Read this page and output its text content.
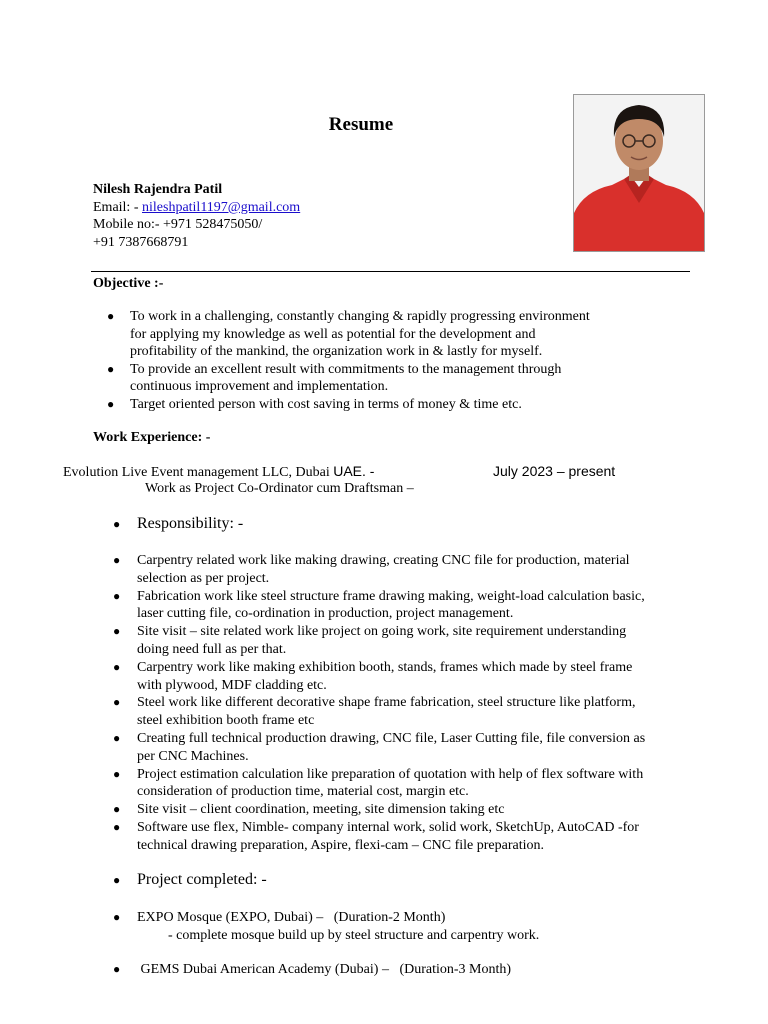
Resume
Nilesh Rajendra Patil
Email: - nileshpatil1197@gmail.com
Mobile no:- +971 528475050/
+91 7387668791
Objective :-
● To work in a challenging, constantly changing & rapidly progressing environment
for applying my knowledge as well as potential for the development and
profitability of the mankind, the organization work in & lastly for myself.
● To provide an excellent result with commitments to the management through
continuous improvement and implementation.
● Target oriented person with cost saving in terms of money & time etc.
Work Experience: -
Evolution Live Event management LLC, Dubai UAE. -	July 2023 – present
Work as Project Co-Ordinator cum Draftsman –
● Responsibility: -
● Carpentry related work like making drawing, creating CNC file for production, material
selection as per project.
● Fabrication work like steel structure frame drawing making, weight-load calculation basic,
laser cutting file, co-ordination in production, project management.
● Site visit – site related work like project on going work, site requirement understanding
doing need full as per that.
● Carpentry work like making exhibition booth, stands, frames which made by steel frame
with plywood, MDF cladding etc.
● Steel work like different decorative shape frame fabrication, steel structure like platform,
steel exhibition booth frame etc
● Creating full technical production drawing, CNC file, Laser Cutting file, file conversion as
per CNC Machines.
● Project estimation calculation like preparation of quotation with help of flex software with
consideration of production time, material cost, margin etc.
● Site visit – client coordination, meeting, site dimension taking etc
● Software use flex, Nimble- company internal work, solid work, SketchUp, AutoCAD -for
technical drawing preparation, Aspire, flexi-cam – CNC file preparation.
● Project completed: -
● EXPO Mosque (EXPO, Dubai) –   (Duration-2 Month)
- complete mosque build up by steel structure and carpentry work.
● GEMS Dubai American Academy (Dubai) –   (Duration-3 Month)
